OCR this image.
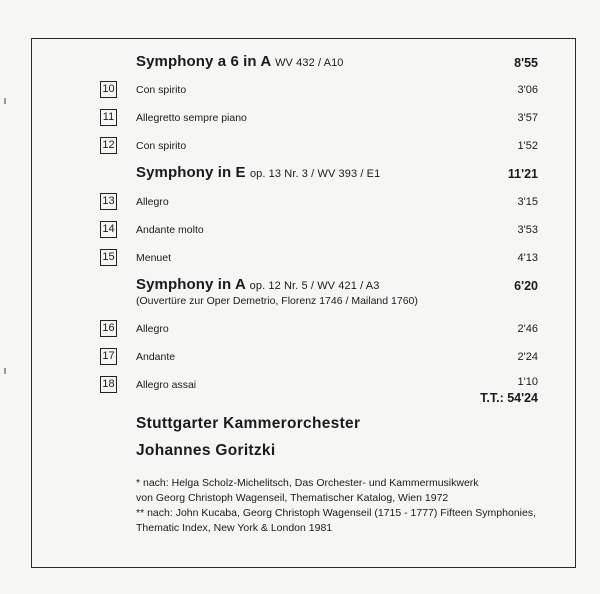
Symphony a 6 in A WV 432 / A10	8'55
10 Con spirito	3'06
11 Allegretto sempre piano	3'57
12 Con spirito	1'52
Symphony in E op. 13 Nr. 3 / WV 393 / E1	11'21
13 Allegro	3'15
14 Andante molto	3'53
15 Menuet	4'13
Symphony in A op. 12 Nr. 5 / WV 421 / A3	6'20
(Ouvertüre zur Oper Demetrio, Florenz 1746 / Mailand 1760)
16 Allegro	2'46
17 Andante	2'24
18 Allegro assai	1'10
T.T.: 54'24
Stuttgarter Kammerorchester
Johannes Goritzki
* nach: Helga Scholz-Michelitsch, Das Orchester- und Kammermusikwerk
von Georg Christoph Wagenseil, Thematischer Katalog, Wien 1972
** nach: John Kucaba, Georg Christoph Wagenseil (1715 - 1777) Fifteen Symphonies,
Thematic Index, New York & London 1981
